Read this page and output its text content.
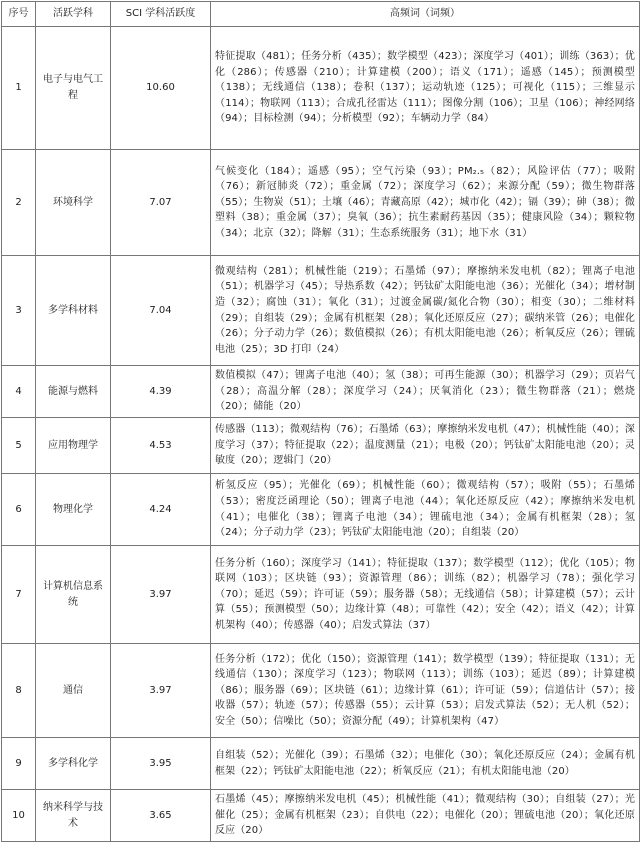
序号	活跃学科	SCI 学科活跃度	高频词（词频）
1	电子与电气工程	10.60	特征提取（481）；任务分析（435）；数学模型（423）；深度学习（401）；训练（363）；优化（286）；传感器（210）；计算建模（200）；语义（171）；遥感（145）；预测模型（138）；无线通信（138）；卷积（137）；运动轨迹（125）；可视化（115）；三维显示（114）；物联网（113）；合成孔径雷达（111）；图像分割（106）；卫星（106）；神经网络（94）；目标检测（94）；分析模型（92）；车辆动力学（84）
2	环境科学	7.07	气候变化（184）；遥感（95）；空气污染（93）；PM₂.₅（82）；风险评估（77）；吸附（76）；新冠肺炎（72）；重金属（72）；深度学习（62）；来源分配（59）；微生物群落（55）；生物炭（51）；土壤（46）；青藏高原（42）；城市化（42）；镉（39）；砷（38）；微塑料（38）；重金属（37）；臭氧（36）；抗生素耐药基因（35）；健康风险（34）；颗粒物（34）；北京（32）；降解（31）；生态系统服务（31）；地下水（31）
3	多学科材料	7.04	微观结构（281）；机械性能（219）；石墨烯（97）；摩擦纳米发电机（82）；锂离子电池（51）；机器学习（45）；导热系数（42）；钙钛矿太阳能电池（36）；光催化（34）；增材制造（32）；腐蚀（31）；氧化（31）；过渡金属碳/氮化合物（30）；相变（30）；二维材料（29）；自组装（29）；金属有机框架（28）；氧化还原反应（27）；碳纳米管（26）；电催化（26）；分子动力学（26）；数值模拟（26）；有机太阳能电池（26）；析氧反应（26）；锂硫电池（25）；3D 打印（24）
4	能源与燃料	4.39	数值模拟（47）；锂离子电池（40）；氢（38）；可再生能源（30）；机器学习（29）；页岩气（28）；高温分解（28）；深度学习（24）；厌氧消化（23）；微生物群落（21）；燃烧（20）；储能（20）
5	应用物理学	4.53	传感器（113）；微观结构（76）；石墨烯（63）；摩擦纳米发电机（47）；机械性能（40）；深度学习（37）；特征提取（22）；温度测量（21）；电极（20）；钙钛矿太阳能电池（20）；灵敏度（20）；逻辑门（20）
6	物理化学	4.24	析氢反应（95）；光催化（69）；机械性能（60）；微观结构（57）；吸附（55）；石墨烯（53）；密度泛函理论（50）；锂离子电池（44）；氧化还原反应（42）；摩擦纳米发电机（41）；电催化（38）；锂离子电池（34）；锂硫电池（34）；金属有机框架（28）；氢（24）；分子动力学（23）；钙钛矿太阳能电池（20）；自组装（20）
7	计算机信息系统	3.97	任务分析（160）；深度学习（141）；特征提取（137）；数学模型（112）；优化（105）；物联网（103）；区块链（93）；资源管理（86）；训练（82）；机器学习（78）；强化学习（70）；延迟（59）；许可证（59）；服务器（58）；无线通信（58）；计算建模（57）；云计算（55）；预测模型（50）；边缘计算（48）；可靠性（42）；安全（42）；语义（42）；计算机架构（40）；传感器（40）；启发式算法（37）
8	通信	3.97	任务分析（172）；优化（150）；资源管理（141）；数学模型（139）；特征提取（131）；无线通信（130）；深度学习（123）；物联网（113）；训练（103）；延迟（89）；计算建模（86）；服务器（69）；区块链（61）；边缘计算（61）；许可证（59）；信道估计（57）；接收器（57）；轨迹（57）；传感器（55）；云计算（53）；启发式算法（52）；无人机（52）；安全（50）；信噪比（50）；资源分配（49）；计算机架构（47）
9	多学科化学	3.95	自组装（52）；光催化（39）；石墨烯（32）；电催化（30）；氧化还原反应（24）；金属有机框架（22）；钙钛矿太阳能电池（22）；析氧反应（21）；有机太阳能电池（20）
10	纳米科学与技术	3.65	石墨烯（45）；摩擦纳米发电机（45）；机械性能（41）；微观结构（30）；自组装（27）；光催化（25）；金属有机框架（23）；自供电（22）；电催化（20）；锂硫电池（20）；氧化还原反应（20）
